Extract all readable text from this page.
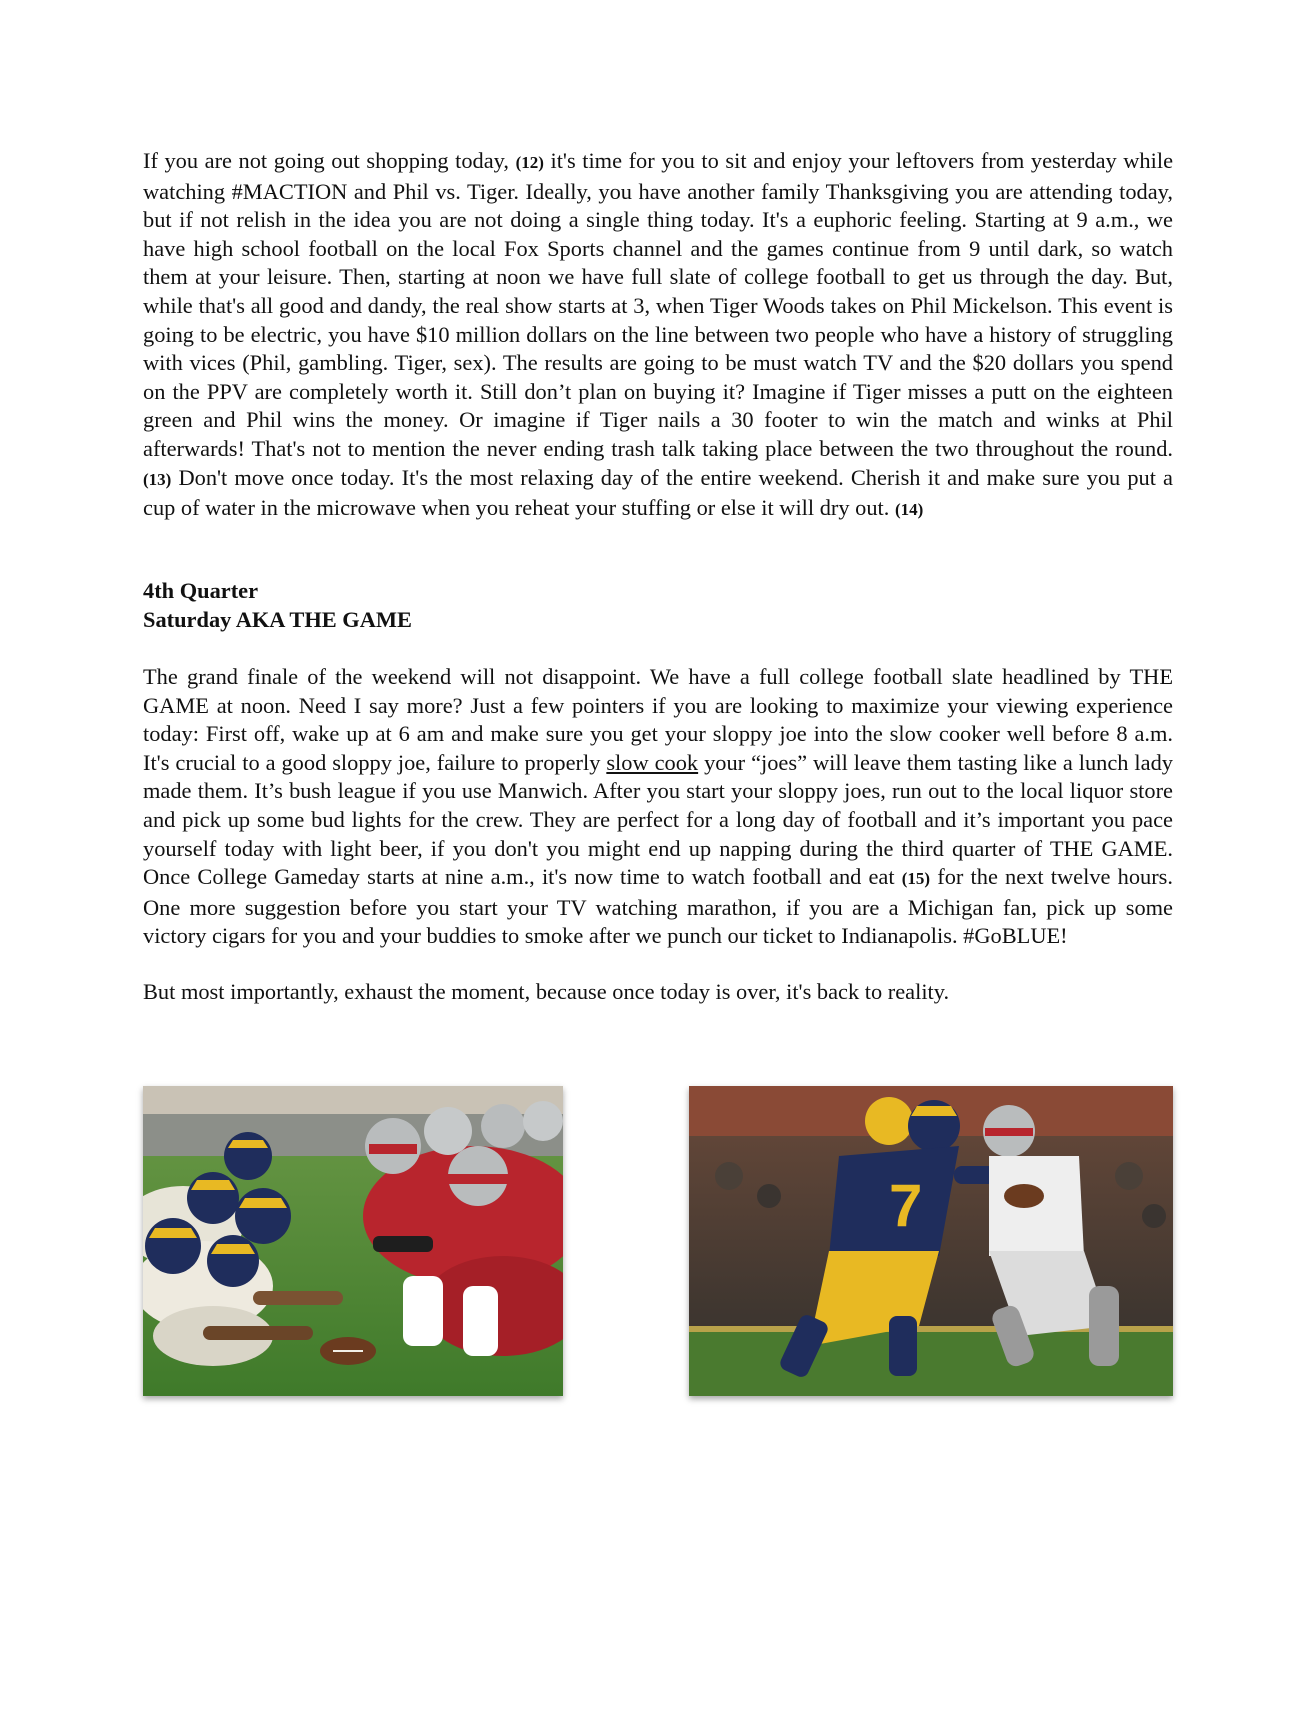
If you are not going out shopping today, (12) it's time for you to sit and enjoy your leftovers from yesterday while watching #MACTION and Phil vs. Tiger. Ideally, you have another family Thanksgiving you are attending today, but if not relish in the idea you are not doing a single thing today. It's a euphoric feeling. Starting at 9 a.m., we have high school football on the local Fox Sports channel and the games continue from 9 until dark, so watch them at your leisure. Then, starting at noon we have full slate of college football to get us through the day. But, while that's all good and dandy, the real show starts at 3, when Tiger Woods takes on Phil Mickelson. This event is going to be electric, you have $10 million dollars on the line between two people who have a history of struggling with vices (Phil, gambling. Tiger, sex). The results are going to be must watch TV and the $20 dollars you spend on the PPV are completely worth it. Still don’t plan on buying it? Imagine if Tiger misses a putt on the eighteen green and Phil wins the money. Or imagine if Tiger nails a 30 footer to win the match and winks at Phil afterwards! That's not to mention the never ending trash talk taking place between the two throughout the round. (13) Don't move once today. It's the most relaxing day of the entire weekend. Cherish it and make sure you put a cup of water in the microwave when you reheat your stuffing or else it will dry out. (14)

4th Quarter
Saturday AKA THE GAME

The grand finale of the weekend will not disappoint. We have a full college football slate headlined by THE GAME at noon. Need I say more? Just a few pointers if you are looking to maximize your viewing experience today: First off, wake up at 6 am and make sure you get your sloppy joe into the slow cooker well before 8 a.m. It's crucial to a good sloppy joe, failure to properly slow cook your “joes” will leave them tasting like a lunch lady made them. It’s bush league if you use Manwich. After you start your sloppy joes, run out to the local liquor store and pick up some bud lights for the crew. They are perfect for a long day of football and it’s important you pace yourself today with light beer, if you don't you might end up napping during the third quarter of THE GAME. Once College Gameday starts at nine a.m., it's now time to watch football and eat (15) for the next twelve hours. One more suggestion before you start your TV watching marathon, if you are a Michigan fan, pick up some victory cigars for you and your buddies to smoke after we punch our ticket to Indianapolis. #GoBLUE!

But most importantly, exhaust the moment, because once today is over, it's back to reality.

7
